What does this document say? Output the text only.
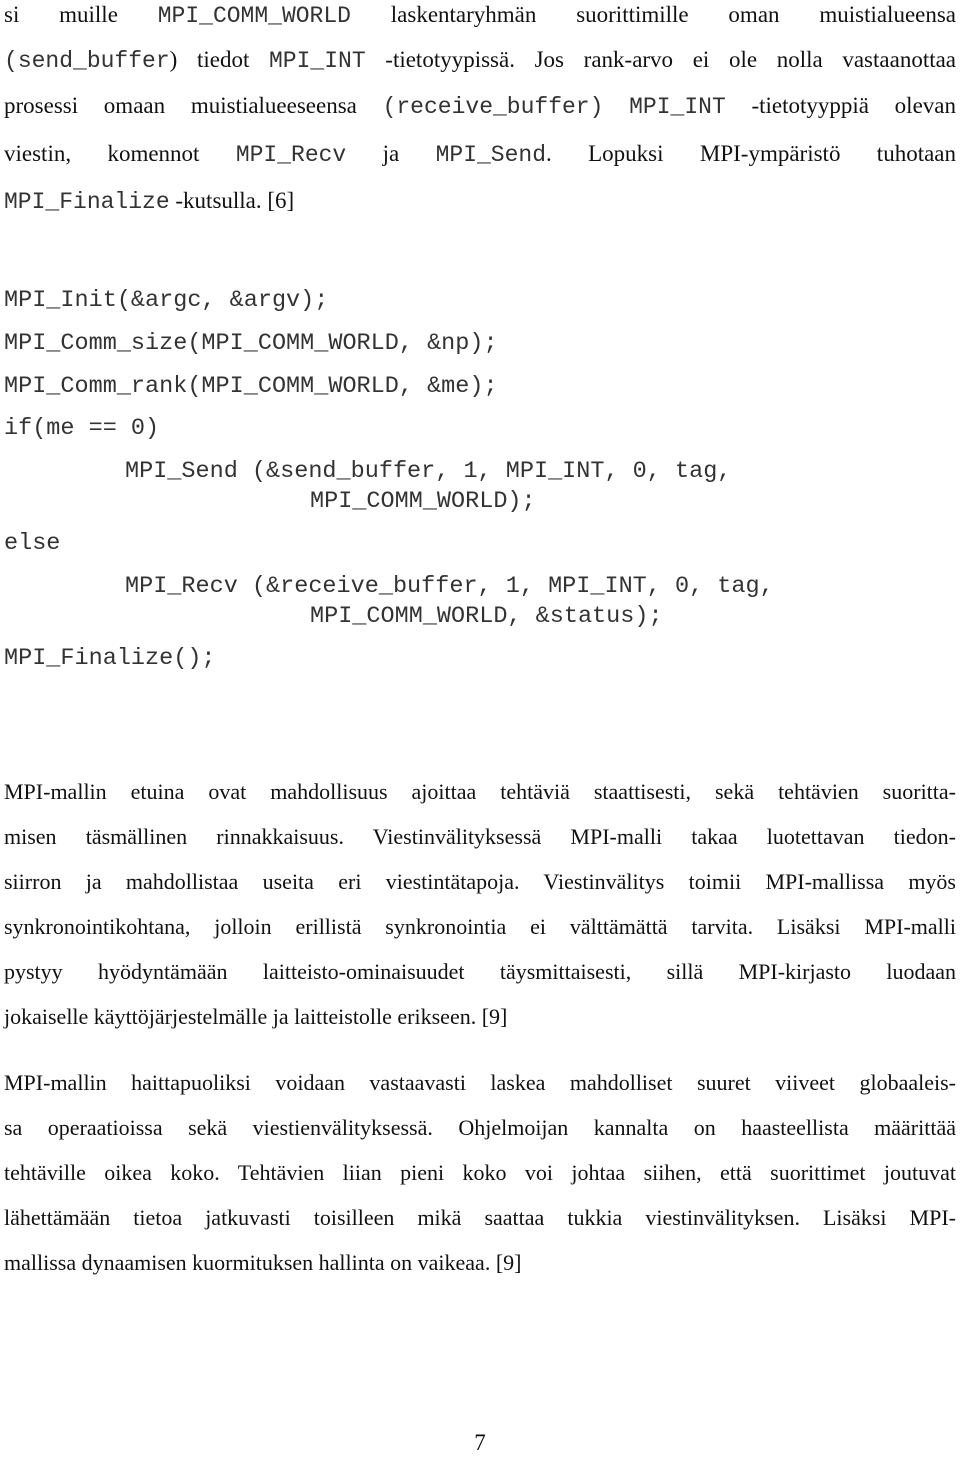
si muille MPI_COMM_WORLD laskentaryhmän suorittimille oman muistialueensa
(send_buffer) tiedot MPI_INT -tietotyypissä. Jos rank-arvo ei ole nolla vastaanottaa
prosessi omaan muistialueeseensa (receive_buffer) MPI_INT -tietotyyppiä olevan
viestin, komennot MPI_Recv ja MPI_Send. Lopuksi MPI-ympäristö tuhotaan
MPI_Finalize -kutsulla. [6]
MPI_Init(&argc, &argv);
MPI_Comm_size(MPI_COMM_WORLD, &np);
MPI_Comm_rank(MPI_COMM_WORLD, &me);
if(me == 0)
MPI_Send (&send_buffer, 1, MPI_INT, 0, tag,
MPI_COMM_WORLD);
else
MPI_Recv (&receive_buffer, 1, MPI_INT, 0, tag,
MPI_COMM_WORLD, &status);
MPI_Finalize();
MPI-mallin etuina ovat mahdollisuus ajoittaa tehtäviä staattisesti, sekä tehtävien suoritta-
misen täsmällinen rinnakkaisuus. Viestinvälityksessä MPI-malli takaa luotettavan tiedon-
siirron ja mahdollistaa useita eri viestintätapoja. Viestinvälitys toimii MPI-mallissa myös
synkronointikohtana, jolloin erillistä synkronointia ei välttämättä tarvita. Lisäksi MPI-malli
pystyy hyödyntämään laitteisto-ominaisuudet täysmittaisesti, sillä MPI-kirjasto luodaan
jokaiselle käyttöjärjestelmälle ja laitteistolle erikseen. [9]
MPI-mallin haittapuoliksi voidaan vastaavasti laskea mahdolliset suuret viiveet globaaleis-
sa operaatioissa sekä viestienvälityksessä. Ohjelmoijan kannalta on haasteellista määrittää
tehtäville oikea koko. Tehtävien liian pieni koko voi johtaa siihen, että suorittimet joutuvat
lähettämään tietoa jatkuvasti toisilleen mikä saattaa tukkia viestinvälityksen. Lisäksi MPI-
mallissa dynaamisen kuormituksen hallinta on vaikeaa. [9]
7
